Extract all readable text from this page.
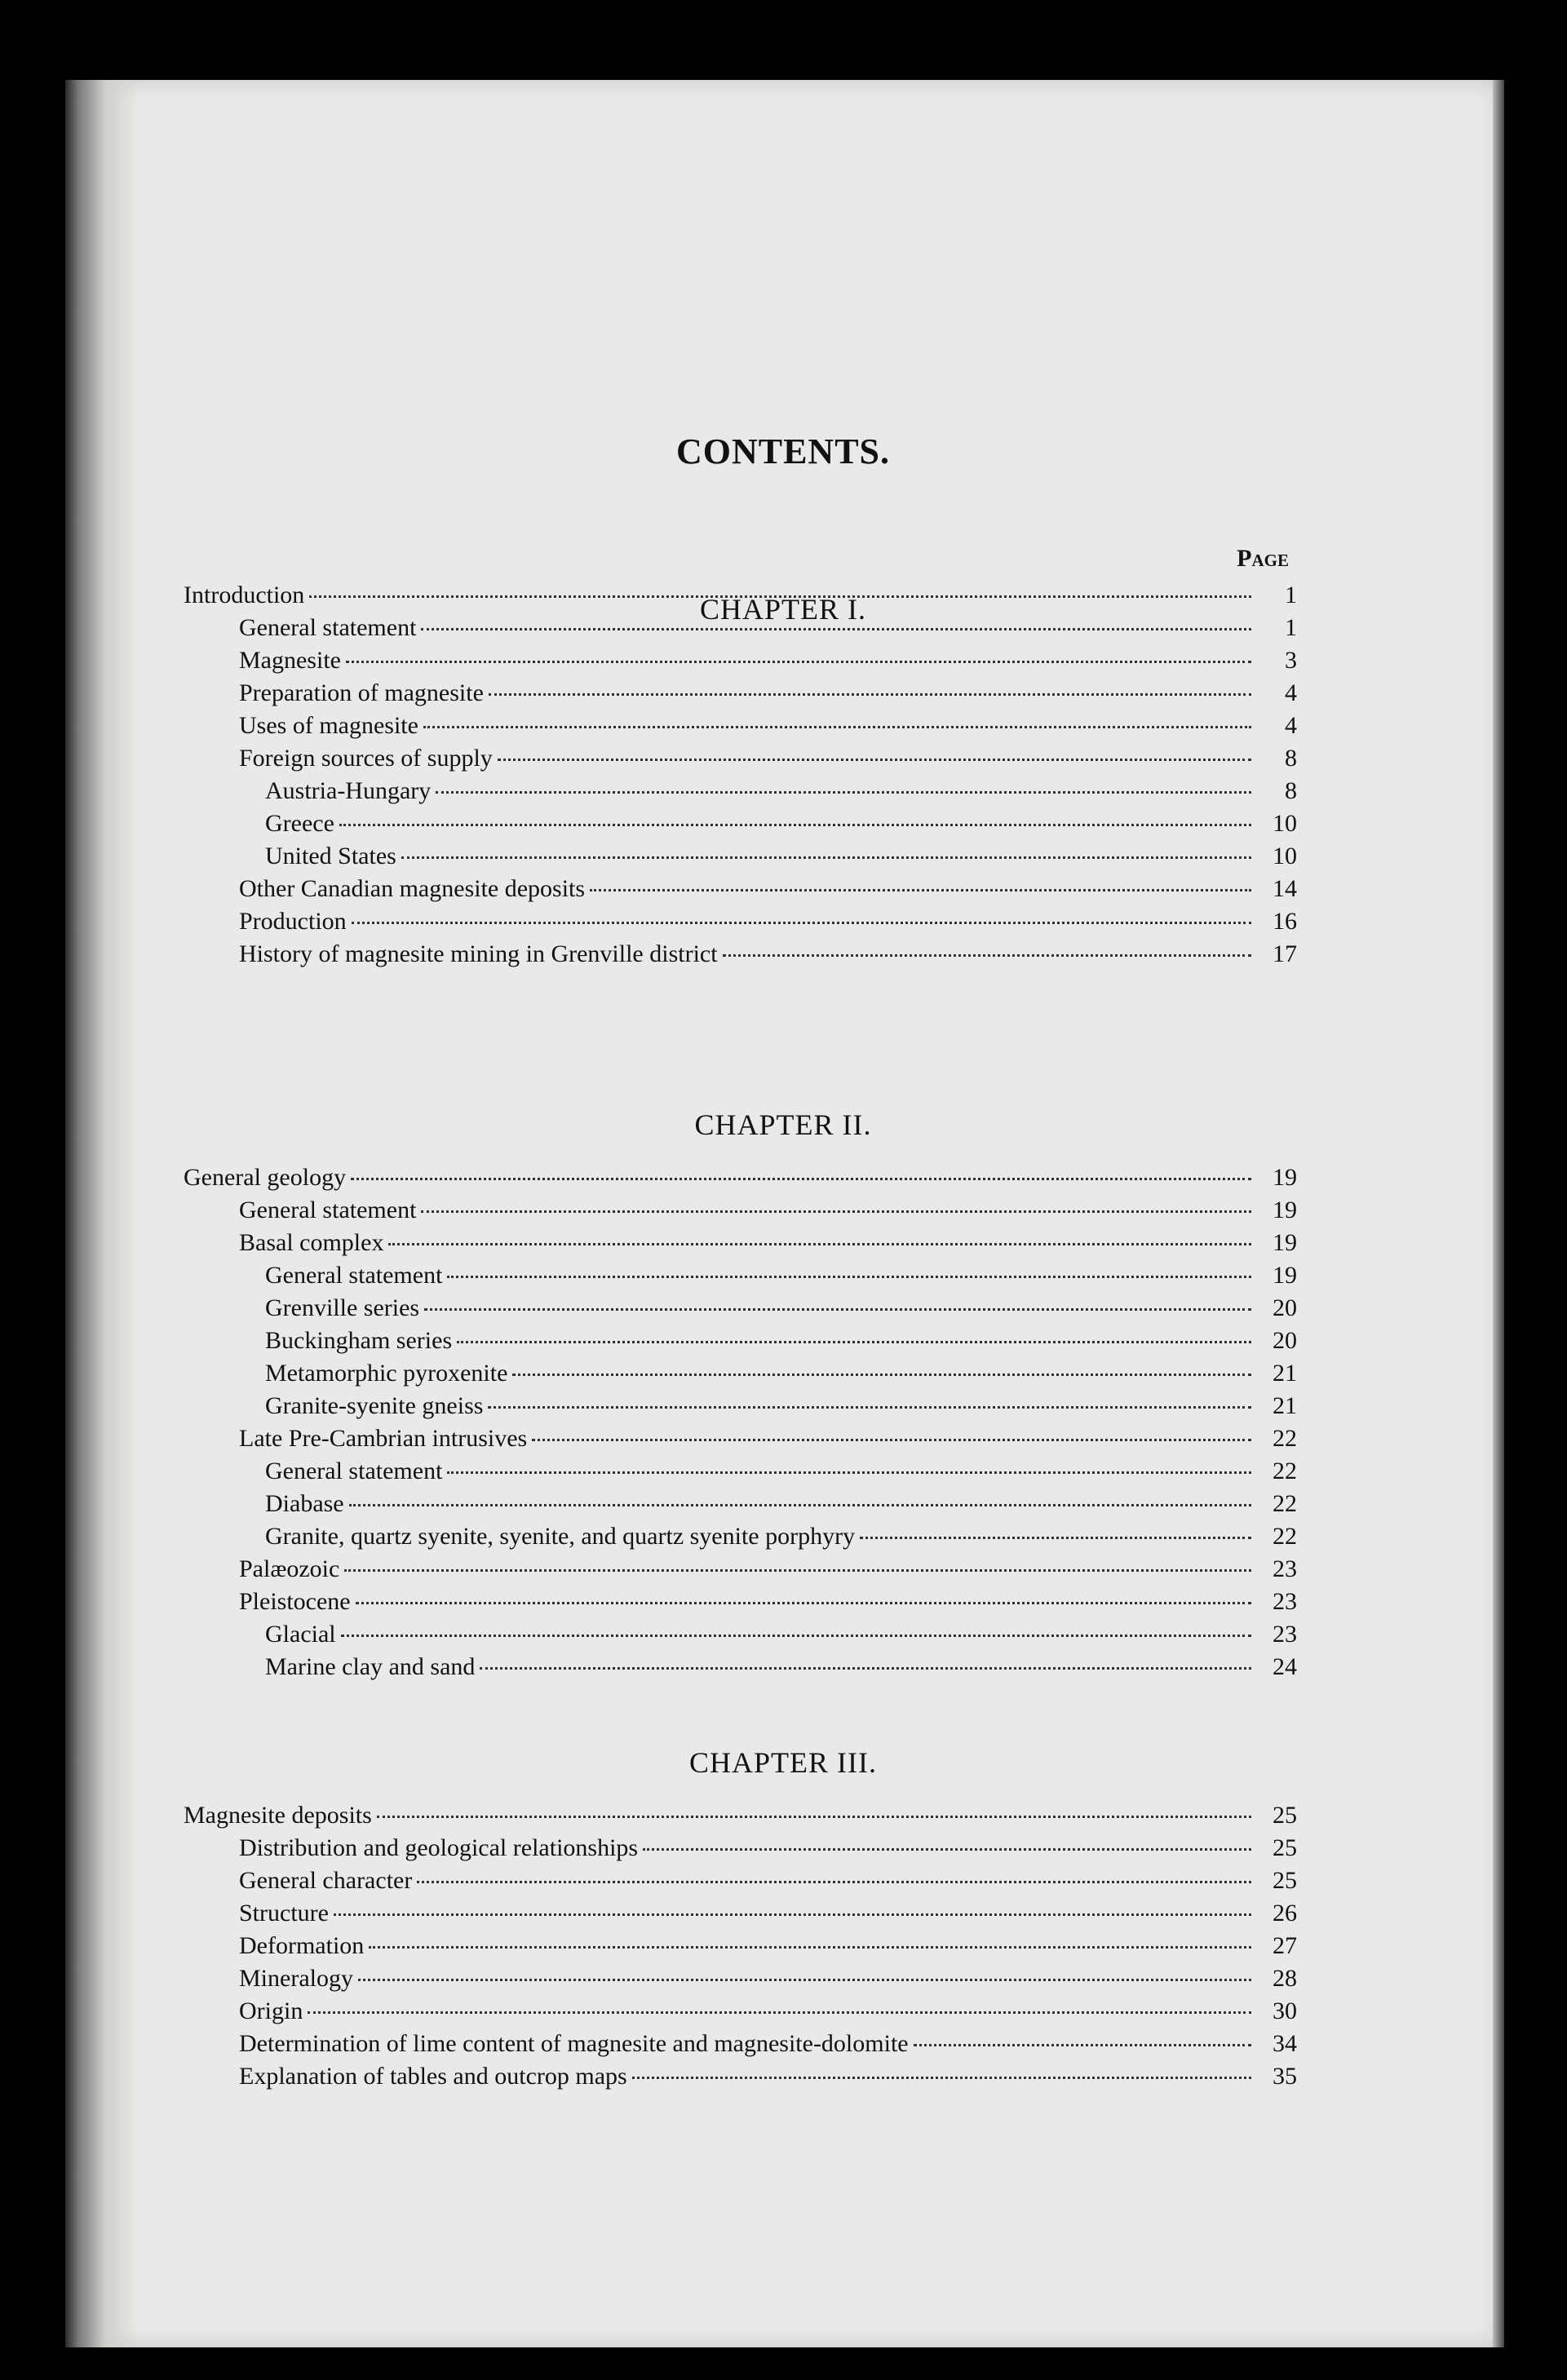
CONTENTS.
CHAPTER I.
Page
Introduction	1
General statement	1
Magnesite	3
Preparation of magnesite	4
Uses of magnesite	4
Foreign sources of supply	8
Austria-Hungary	8
Greece	10
United States	10
Other Canadian magnesite deposits	14
Production	16
History of magnesite mining in Grenville district	17
CHAPTER II.
General geology	19
General statement	19
Basal complex	19
General statement	19
Grenville series	20
Buckingham series	20
Metamorphic pyroxenite	21
Granite-syenite gneiss	21
Late Pre-Cambrian intrusives	22
General statement	22
Diabase	22
Granite, quartz syenite, syenite, and quartz syenite porphyry	22
Palæozoic	23
Pleistocene	23
Glacial	23
Marine clay and sand	24
CHAPTER III.
Magnesite deposits	25
Distribution and geological relationships	25
General character	25
Structure	26
Deformation	27
Mineralogy	28
Origin	30
Determination of lime content of magnesite and magnesite-dolomite	34
Explanation of tables and outcrop maps	35
